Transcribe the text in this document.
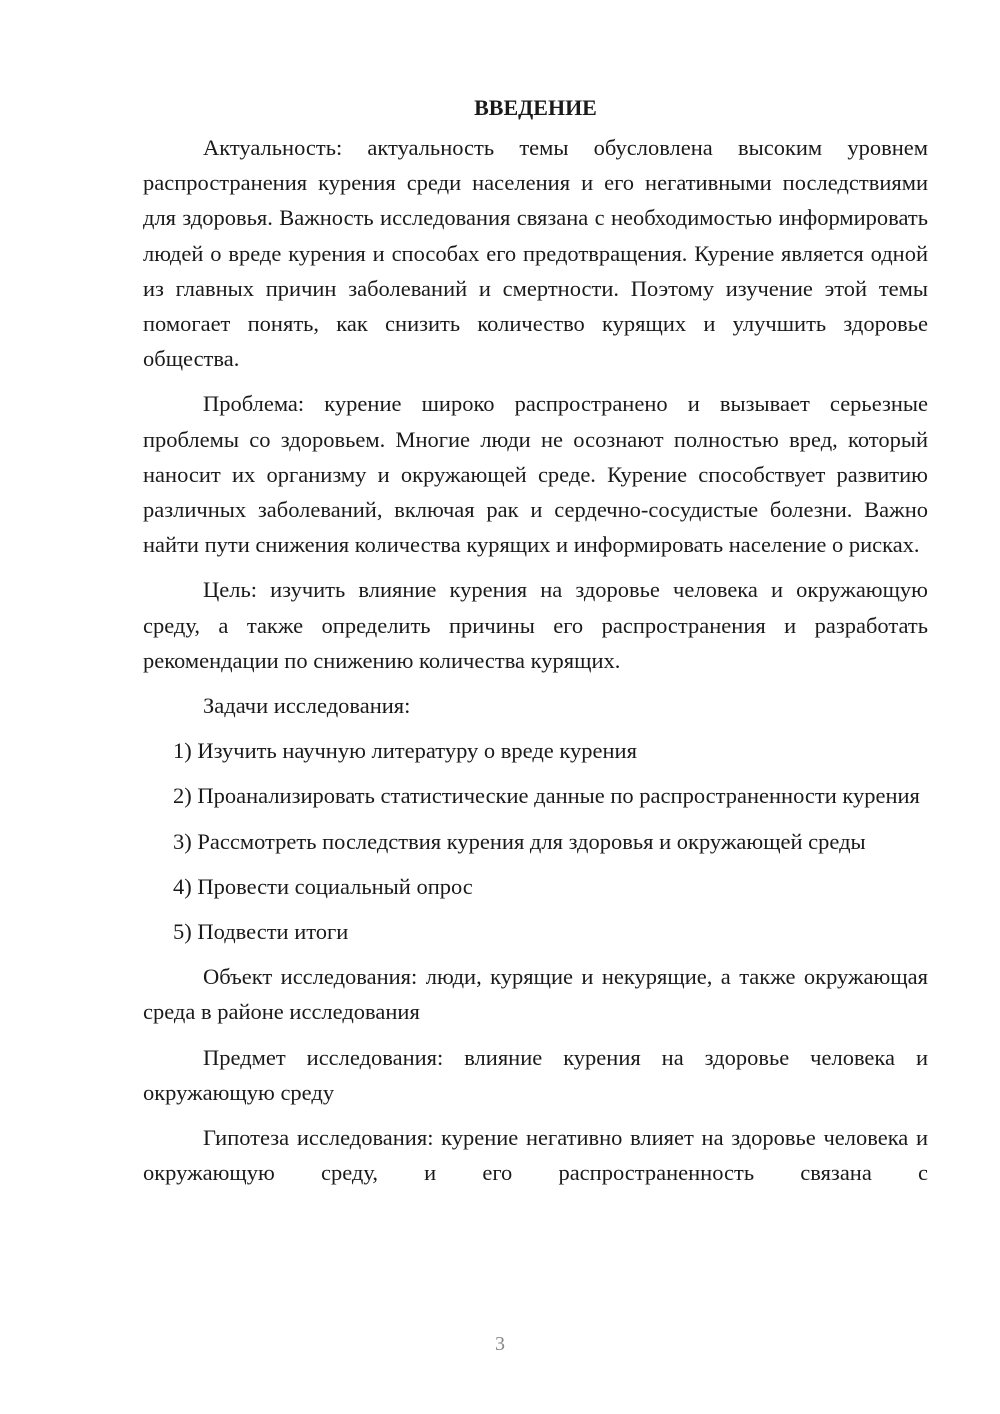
ВВЕДЕНИЕ

Актуальность: актуальность темы обусловлена высоким уровнем распространения курения среди населения и его негативными последствиями для здоровья. Важность исследования связана с необходимостью информировать людей о вреде курения и способах его предотвращения. Курение является одной из главных причин заболеваний и смертности. Поэтому изучение этой темы помогает понять, как снизить количество курящих и улучшить здоровье общества.

Проблема: курение широко распространено и вызывает серьезные проблемы со здоровьем. Многие люди не осознают полностью вред, который наносит их организму и окружающей среде. Курение способствует развитию различных заболеваний, включая рак и сердечно-сосудистые болезни. Важно найти пути снижения количества курящих и информировать население о рисках.

Цель: изучить влияние курения на здоровье человека и окружающую среду, а также определить причины его распространения и разработать рекомендации по снижению количества курящих.

Задачи исследования:

1) Изучить научную литературу о вреде курения

2) Проанализировать статистические данные по распространенности курения

3) Рассмотреть последствия курения для здоровья и окружающей среды

4) Провести социальный опрос

5) Подвести итоги

Объект исследования: люди, курящие и некурящие, а также окружающая среда в районе исследования

Предмет исследования: влияние курения на здоровье человека и окружающую среду

Гипотеза исследования: курение негативно влияет на здоровье человека и окружающую среду, и его распространенность связана с

3
